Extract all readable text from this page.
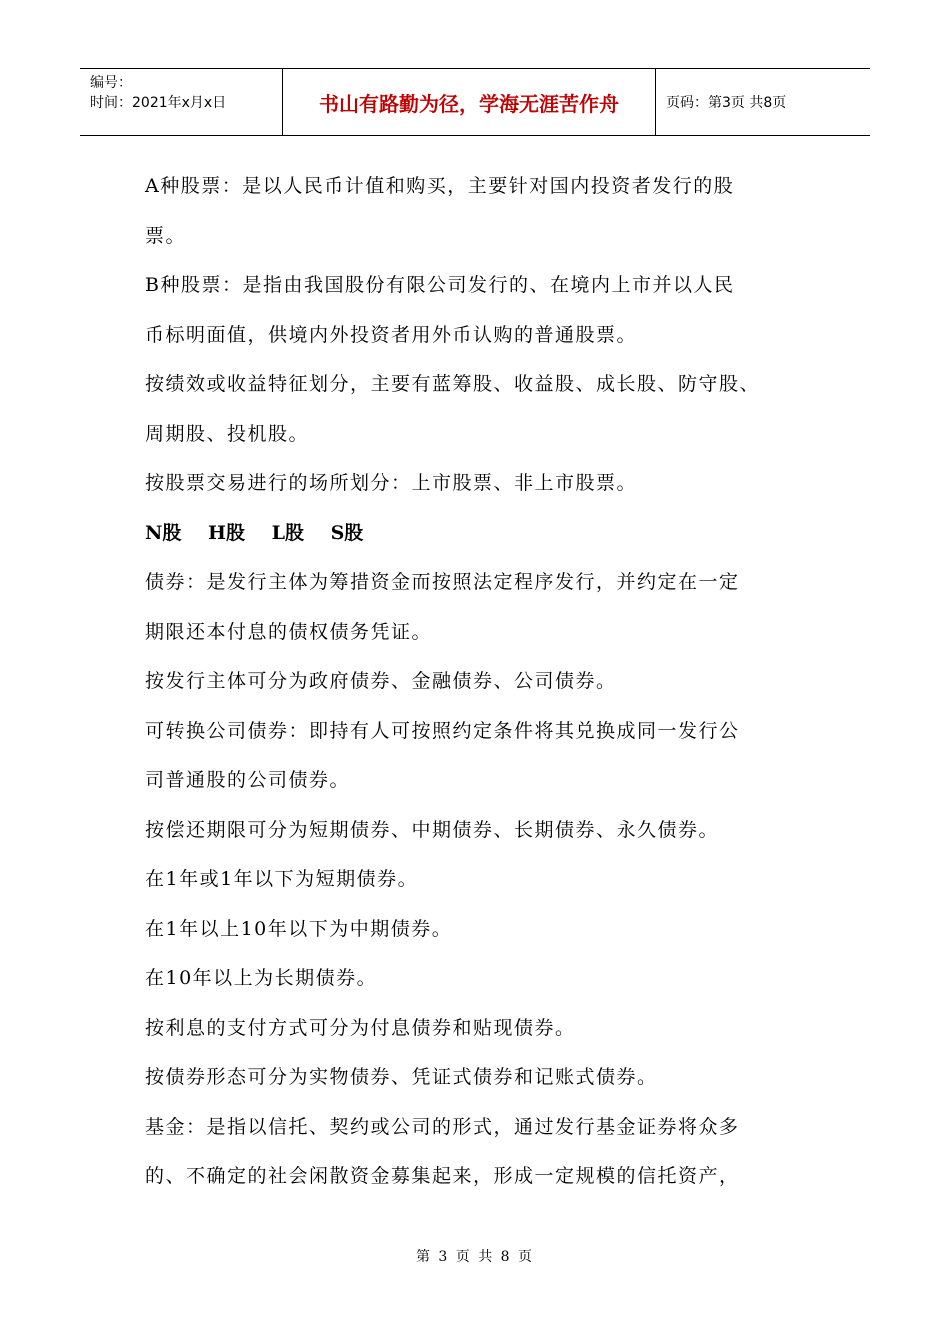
编号：
时间：2021年x月x日	书山有路勤为径，学海无涯苦作舟	页码：第3页 共8页

A种股票：是以人民币计值和购买，主要针对国内投资者发行的股

票。

B种股票：是指由我国股份有限公司发行的、在境内上市并以人民

币标明面值，供境内外投资者用外币认购的普通股票。

按绩效或收益特征划分，主要有蓝筹股、收益股、成长股、防守股、

周期股、投机股。

按股票交易进行的场所划分：上市股票、非上市股票。

N股 H股 L股 S股

债券：是发行主体为筹措资金而按照法定程序发行，并约定在一定

期限还本付息的债权债务凭证。

按发行主体可分为政府债券、金融债券、公司债券。

可转换公司债券：即持有人可按照约定条件将其兑换成同一发行公

司普通股的公司债券。

按偿还期限可分为短期债券、中期债券、长期债券、永久债券。

在1年或1年以下为短期债券。

在1年以上10年以下为中期债券。

在10年以上为长期债券。

按利息的支付方式可分为付息债券和贴现债券。

按债券形态可分为实物债券、凭证式债券和记账式债券。

基金：是指以信托、契约或公司的形式，通过发行基金证券将众多

的、不确定的社会闲散资金募集起来，形成一定规模的信托资产，

第 3 页 共 8 页
